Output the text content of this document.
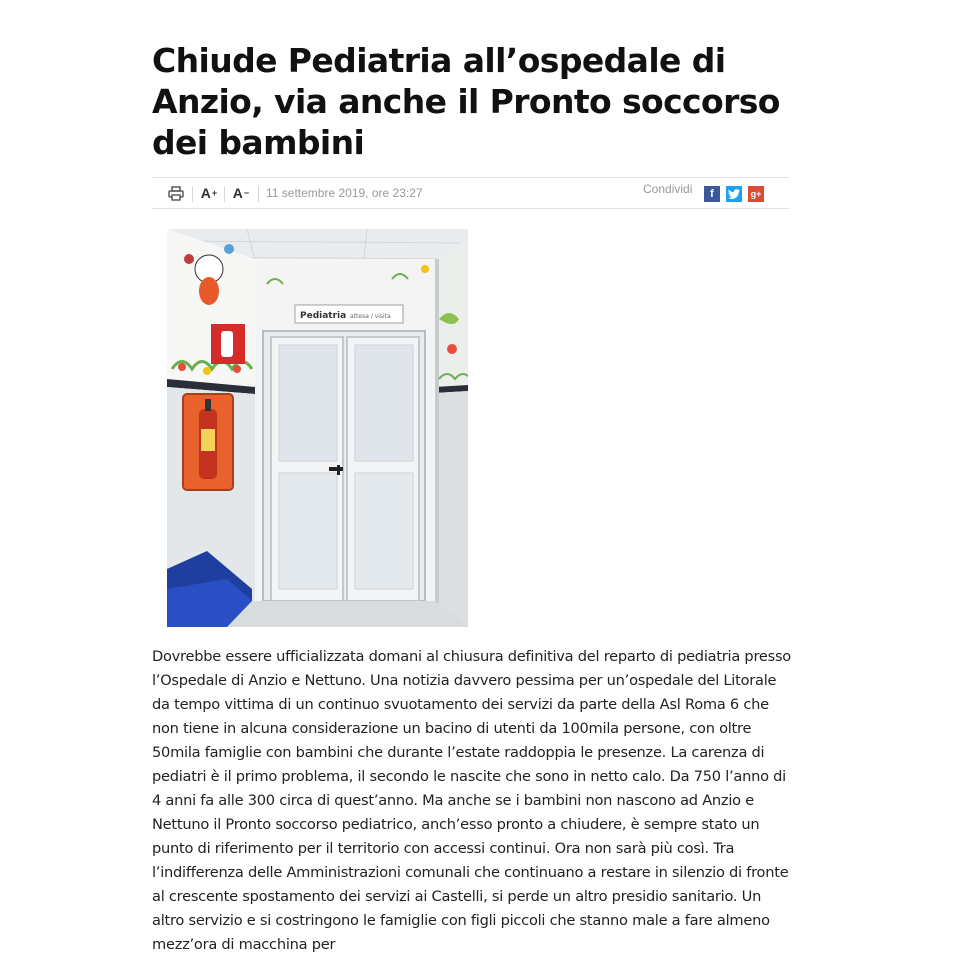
Chiude Pediatria all’ospedale di Anzio, via anche il Pronto soccorso dei bambini
A + A − 11 settembre 2019, ore 23:27	Condividi f	g+
Pediatria attesa / visita

Dovrebbe essere ufficializzata domani al chiusura definitiva del reparto di pediatria presso l’Ospedale di Anzio e Nettuno. Una notizia davvero pessima per un’ospedale del Litorale da tempo vittima di un continuo svuotamento dei servizi da parte della Asl Roma 6 che non tiene in alcuna considerazione un bacino di utenti da 100mila persone, con oltre 50mila famiglie con bambini che durante l’estate raddoppia le presenze. La carenza di pediatri è il primo problema, il secondo le nascite che sono in netto calo. Da 750 l’anno di 4 anni fa alle 300 circa di quest’anno. Ma anche se i bambini non nascono ad Anzio e Nettuno il Pronto soccorso pediatrico, anch’esso pronto a chiudere, è sempre stato un punto di riferimento per il territorio con accessi continui. Ora non sarà più così. Tra l’indifferenza delle Amministrazioni comunali che continuano a restare in silenzio di fronte al crescente spostamento dei servizi ai Castelli, si perde un altro presidio sanitario. Un altro servizio e si costringono le famiglie con figli piccoli che stanno male a fare almeno mezz’ora di macchina per
